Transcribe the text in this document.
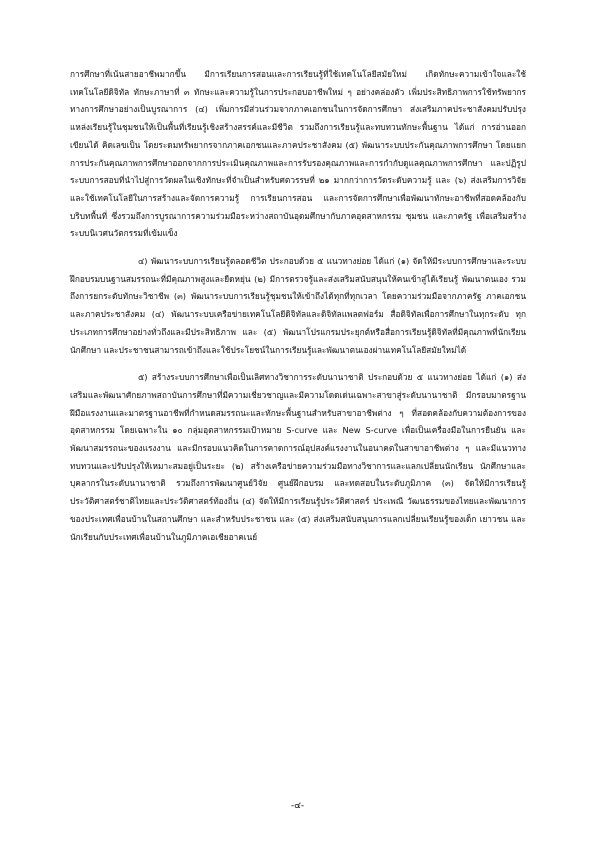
การศึกษาที่เน้นสายอาชีพมากขึ้น มีการเรียนการสอนและการเรียนรู้ที่ใช้เทคโนโลยีสมัยใหม่ เกิดทักษะความเข้าใจและใช้เทคโนโลยีดิจิทัล ทักษะภาษาที่ ๓ ทักษะและความรู้ในการประกอบอาชีพใหม่ ๆ อย่างคล่องตัว เพิ่มประสิทธิภาพการใช้ทรัพยากรทางการศึกษาอย่างเป็นบูรณาการ (๔) เพิ่มการมีส่วนร่วมจากภาคเอกชนในการจัดการศึกษา ส่งเสริมภาคประชาสังคมปรับปรุงแหล่งเรียนรู้ในชุมชนให้เป็นพื้นที่เรียนรู้เชิงสร้างสรรค์และมีชีวิต รวมถึงการเรียนรู้และทบทวนทักษะพื้นฐาน ได้แก่ การอ่านออก เขียนได้ คิดเลขเป็น โดยระดมทรัพยากรจากภาคเอกชนและภาคประชาสังคม (๕) พัฒนาระบบประกันคุณภาพการศึกษา โดยแยกการประกันคุณภาพการศึกษาออกจากการประเมินคุณภาพและการรับรองคุณภาพและการกำกับดูแลคุณภาพการศึกษา และปฏิรูประบบการสอบที่นำไปสู่การวัดผลในเชิงทักษะที่จำเป็นสำหรับศตวรรษที่ ๒๑ มากกว่าการวัดระดับความรู้ และ (๖) ส่งเสริมการวิจัยและใช้เทคโนโลยีในการสร้างและจัดการความรู้ การเรียนการสอน และการจัดการศึกษาเพื่อพัฒนาทักษะอาชีพที่สอดคล้องกับบริบทพื้นที่ ซึ่งรวมถึงการบูรณาการความร่วมมือระหว่างสถาบันอุดมศึกษากับภาคอุตสาหกรรม ชุมชน และภาครัฐ เพื่อเสริมสร้างระบบนิเวศนวัตกรรมที่เข้มแข็ง

๔) พัฒนาระบบการเรียนรู้ตลอดชีวิต ประกอบด้วย ๕ แนวทางย่อย ได้แก่ (๑) จัดให้มีระบบการศึกษาและระบบฝึกอบรมบนฐานสมรรถนะที่มีคุณภาพสูงและยืดหยุ่น (๒) มีการตรวจรู้และส่งเสริมสนับสนุนให้คนเข้าสู่ได้เรียนรู้ พัฒนาตนเอง รวมถึงการยกระดับทักษะวิชาชีพ (๓) พัฒนาระบบการเรียนรู้ชุมชนให้เข้าถึงได้ทุกที่ทุกเวลา โดยความร่วมมือจากภาครัฐ ภาคเอกชนและภาคประชาสังคม (๔) พัฒนาระบบเครือข่ายเทคโนโลยีดิจิทัลและดิจิทัลแพลตฟอร์ม สื่อดิจิทัลเพื่อการศึกษาในทุกระดับ ทุกประเภทการศึกษาอย่างทั่วถึงและมีประสิทธิภาพ และ (๕) พัฒนาโปรแกรมประยุกต์หรือสื่อการเรียนรู้ดิจิทัลที่มีคุณภาพที่นักเรียน นักศึกษา และประชาชนสามารถเข้าถึงและใช้ประโยชน์ในการเรียนรู้และพัฒนาตนเองผ่านเทคโนโลยีสมัยใหม่ได้

๕) สร้างระบบการศึกษาเพื่อเป็นเลิศทางวิชาการระดับนานาชาติ ประกอบด้วย ๕ แนวทางย่อย ได้แก่ (๑) ส่งเสริมและพัฒนาศักยภาพสถาบันการศึกษาที่มีความเชี่ยวชาญและมีความโดดเด่นเฉพาะสาขาสู่ระดับนานาชาติ มีกรอบมาตรฐานฝีมือแรงงานและมาตรฐานอาชีพที่กำหนดสมรรถนะและทักษะพื้นฐานสำหรับสาขาอาชีพต่าง ๆ ที่สอดคล้องกับความต้องการของอุตสาหกรรม โดยเฉพาะใน ๑๐ กลุ่มอุตสาหกรรมเป้าหมาย S-curve และ New S-curve เพื่อเป็นเครื่องมือในการยืนยัน และพัฒนาสมรรถนะของแรงงาน และมีกรอบแนวคิดในการคาดการณ์อุปสงค์แรงงานในอนาคตในสาขาอาชีพต่าง ๆ และมีแนวทางทบทวนและปรับปรุงให้เหมาะสมอยู่เป็นระยะ (๒) สร้างเครือข่ายความร่วมมือทางวิชาการและแลกเปลี่ยนนักเรียน นักศึกษาและบุคลากรในระดับนานาชาติ รวมถึงการพัฒนาศูนย์วิจัย ศูนย์ฝึกอบรม และทดสอบในระดับภูมิภาค (๓) จัดให้มีการเรียนรู้ประวัติศาสตร์ชาติไทยและประวัติศาสตร์ท้องถิ่น (๔) จัดให้มีการเรียนรู้ประวัติศาสตร์ ประเพณี วัฒนธรรมของไทยและพัฒนาการของประเทศเพื่อนบ้านในสถานศึกษา และสำหรับประชาชน และ (๕) ส่งเสริมสนับสนุนการแลกเปลี่ยนเรียนรู้ของเด็ก เยาวชน และนักเรียนกับประเทศเพื่อนบ้านในภูมิภาคเอเชียอาคเนย์

-๔-
